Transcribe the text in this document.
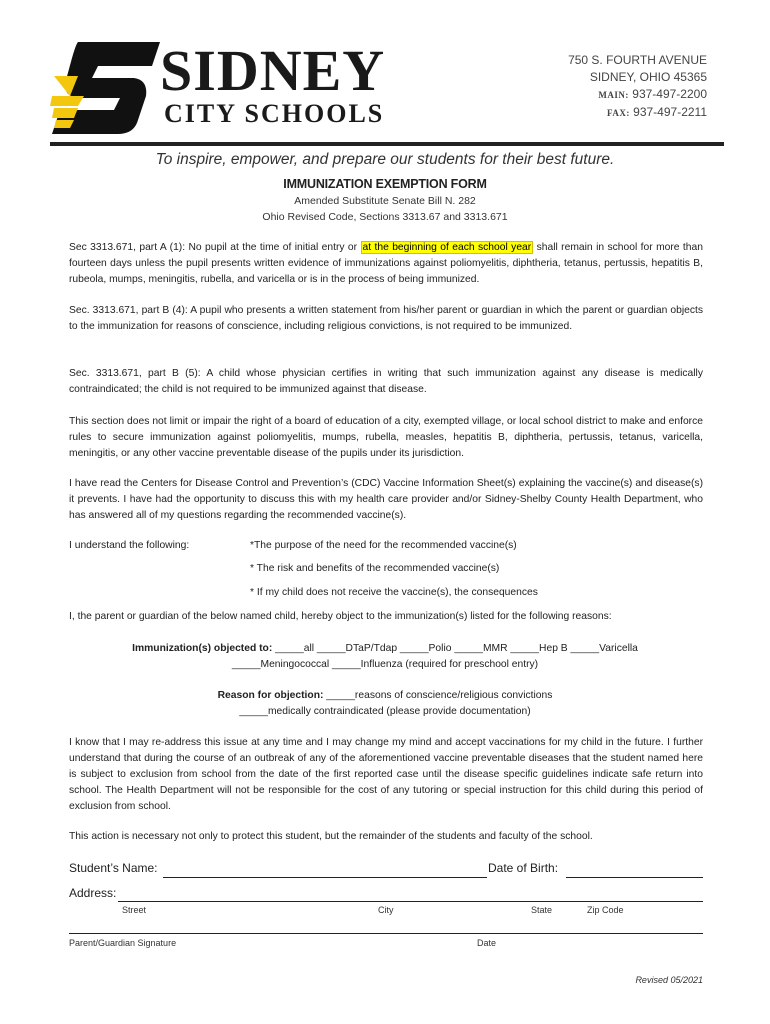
SIDNEY
CITY SCHOOLS
750 S. FOURTH AVENUE
SIDNEY, OHIO 45365
MAIN: 937-497-2200
FAX: 937-497-2211
To inspire, empower, and prepare our students for their best future.
IMMUNIZATION EXEMPTION FORM
Amended Substitute Senate Bill N. 282
Ohio Revised Code, Sections 3313.67 and 3313.671
Sec 3313.671, part A (1): No pupil at the time of initial entry or at the beginning of each school year shall remain in school for more than fourteen days unless the pupil presents written evidence of immunizations against poliomyelitis, diphtheria, tetanus, pertussis, hepatitis B, rubeola, mumps, meningitis, rubella, and varicella or is in the process of being immunized.
Sec. 3313.671, part B (4): A pupil who presents a written statement from his/her parent or guardian in which the parent or guardian objects to the immunization for reasons of conscience, including religious convictions, is not required to be immunized.
Sec. 3313.671, part B (5): A child whose physician certifies in writing that such immunization against any disease is medically contraindicated; the child is not required to be immunized against that disease.
This section does not limit or impair the right of a board of education of a city, exempted village, or local school district to make and enforce rules to secure immunization against poliomyelitis, mumps, rubella, measles, hepatitis B, diphtheria, pertussis, tetanus, varicella, meningitis, or any other vaccine preventable disease of the pupils under its jurisdiction.
I have read the Centers for Disease Control and Prevention’s (CDC) Vaccine Information Sheet(s) explaining the vaccine(s) and disease(s) it prevents. I have had the opportunity to discuss this with my health care provider and/or Sidney-Shelby County Health Department, who has answered all of my questions regarding the recommended vaccine(s).
I understand the following:	*The purpose of the need for the recommended vaccine(s)
* The risk and benefits of the recommended vaccine(s)
* If my child does not receive the vaccine(s), the consequences
I, the parent or guardian of the below named child, hereby object to the immunization(s) listed for the following reasons:
Immunization(s) objected to: _____all _____DTaP/Tdap _____Polio _____MMR _____Hep B _____Varicella
_____Meningococcal _____Influenza (required for preschool entry)
Reason for objection: _____reasons of conscience/religious convictions
_____medically contraindicated (please provide documentation)
I know that I may re-address this issue at any time and I may change my mind and accept vaccinations for my child in the future. I further understand that during the course of an outbreak of any of the aforementioned vaccine preventable diseases that the student named here is subject to exclusion from school from the date of the first reported case until the disease specific guidelines indicate safe return into school. The Health Department will not be responsible for the cost of any tutoring or special instruction for this child during this period of exclusion from school.
This action is necessary not only to protect this student, but the remainder of the students and faculty of the school.
Student’s Name:	Date of Birth:
Address:
Street	City	State	Zip Code
Parent/Guardian Signature	Date
Revised 05/2021
